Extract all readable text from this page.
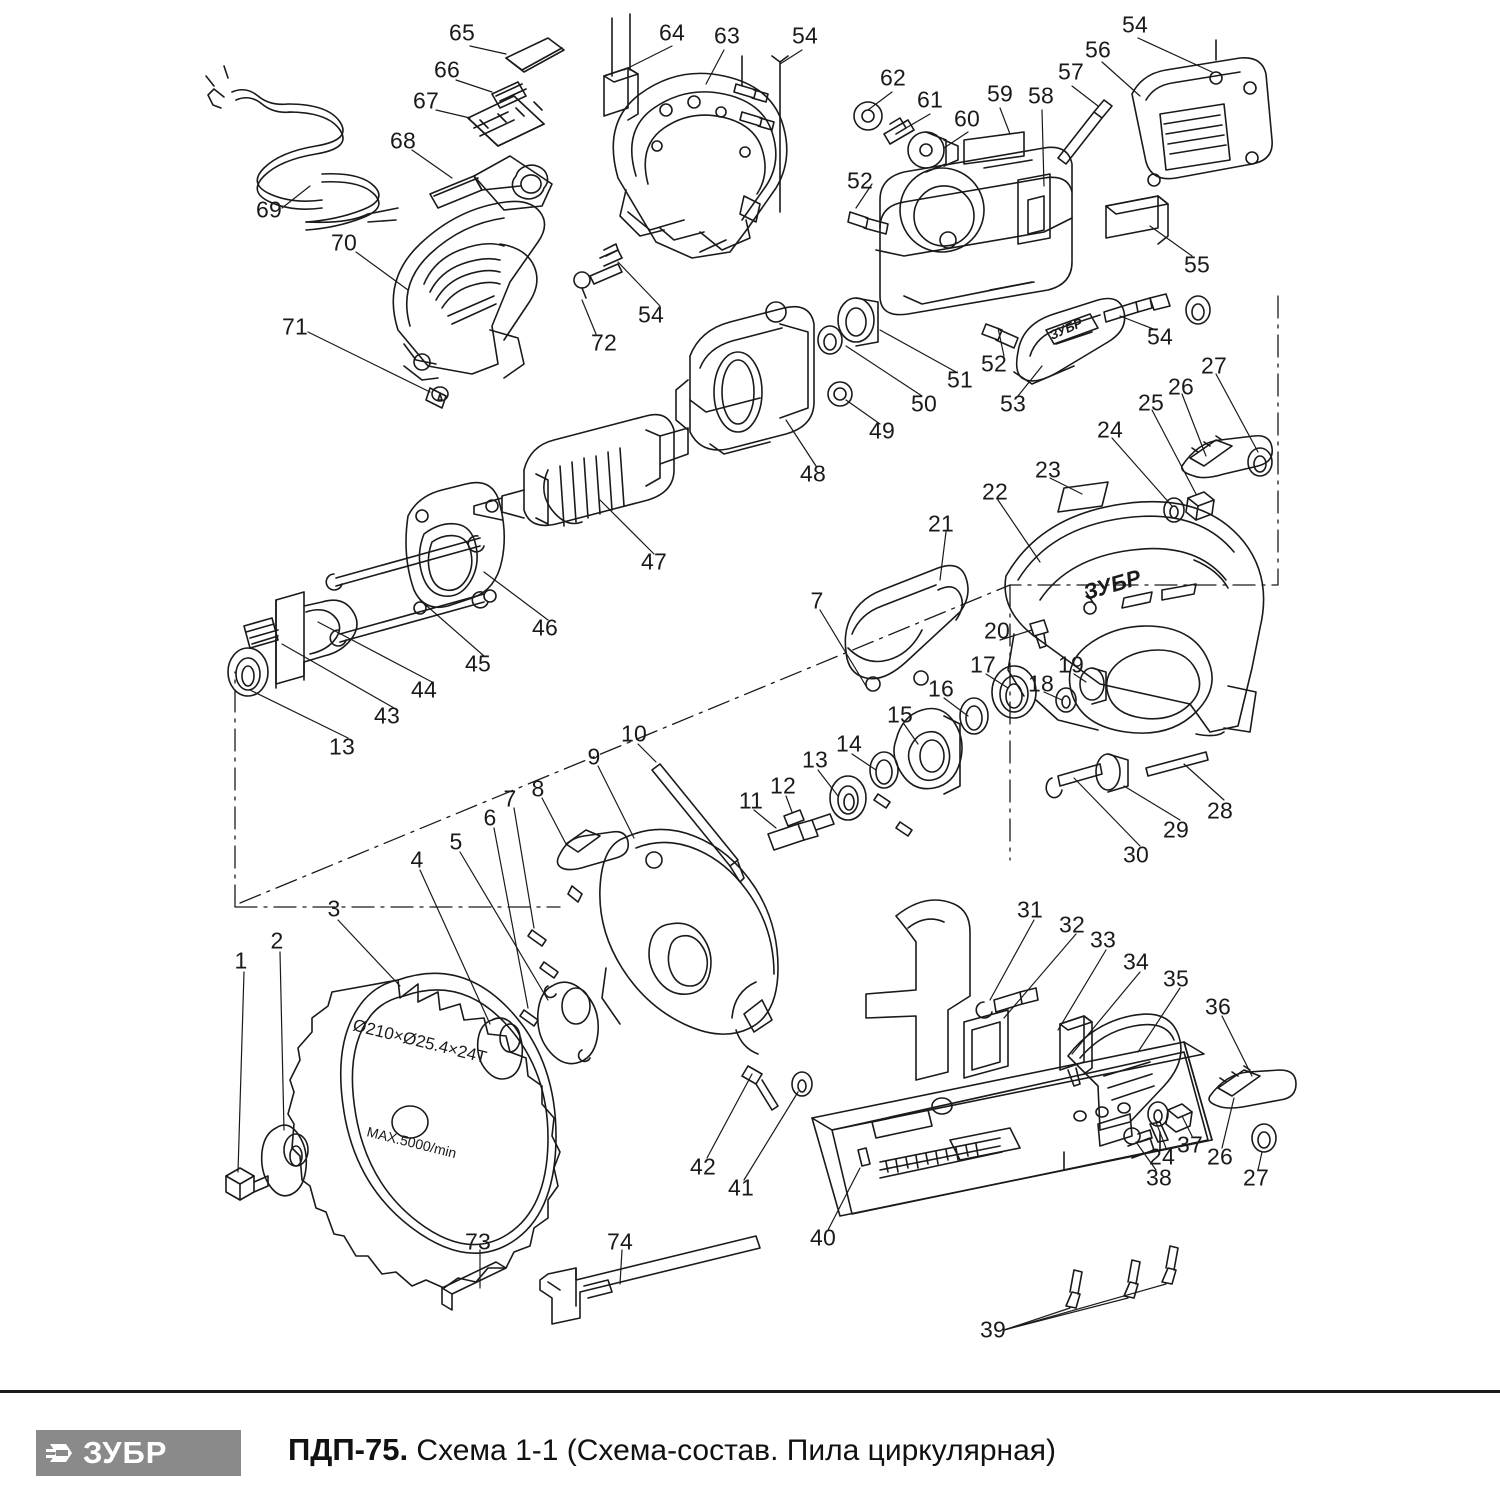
Ø210×Ø25.4×24T
MAX.5000/min
ЗУБР
ЗУБР
65	64 63 54	54
56
66	62	57
61 59 58
67
60
68
52
69
55
70
54
71
72	54
52
51
53
50
27
26
25
24
49
48	23
22
21
47
46
7
20
45	17
18
19
16
44
43
13
15
10
9	14
13
28
29
8	12
11
7
6
30
5
4
3	31
32
33
2
1	34
35
36
42
41
24 37 26
38	27
40
73	74
39
ЗУБР	ПДП-75. Схема 1-1 (Схема-состав. Пила циркулярная)
